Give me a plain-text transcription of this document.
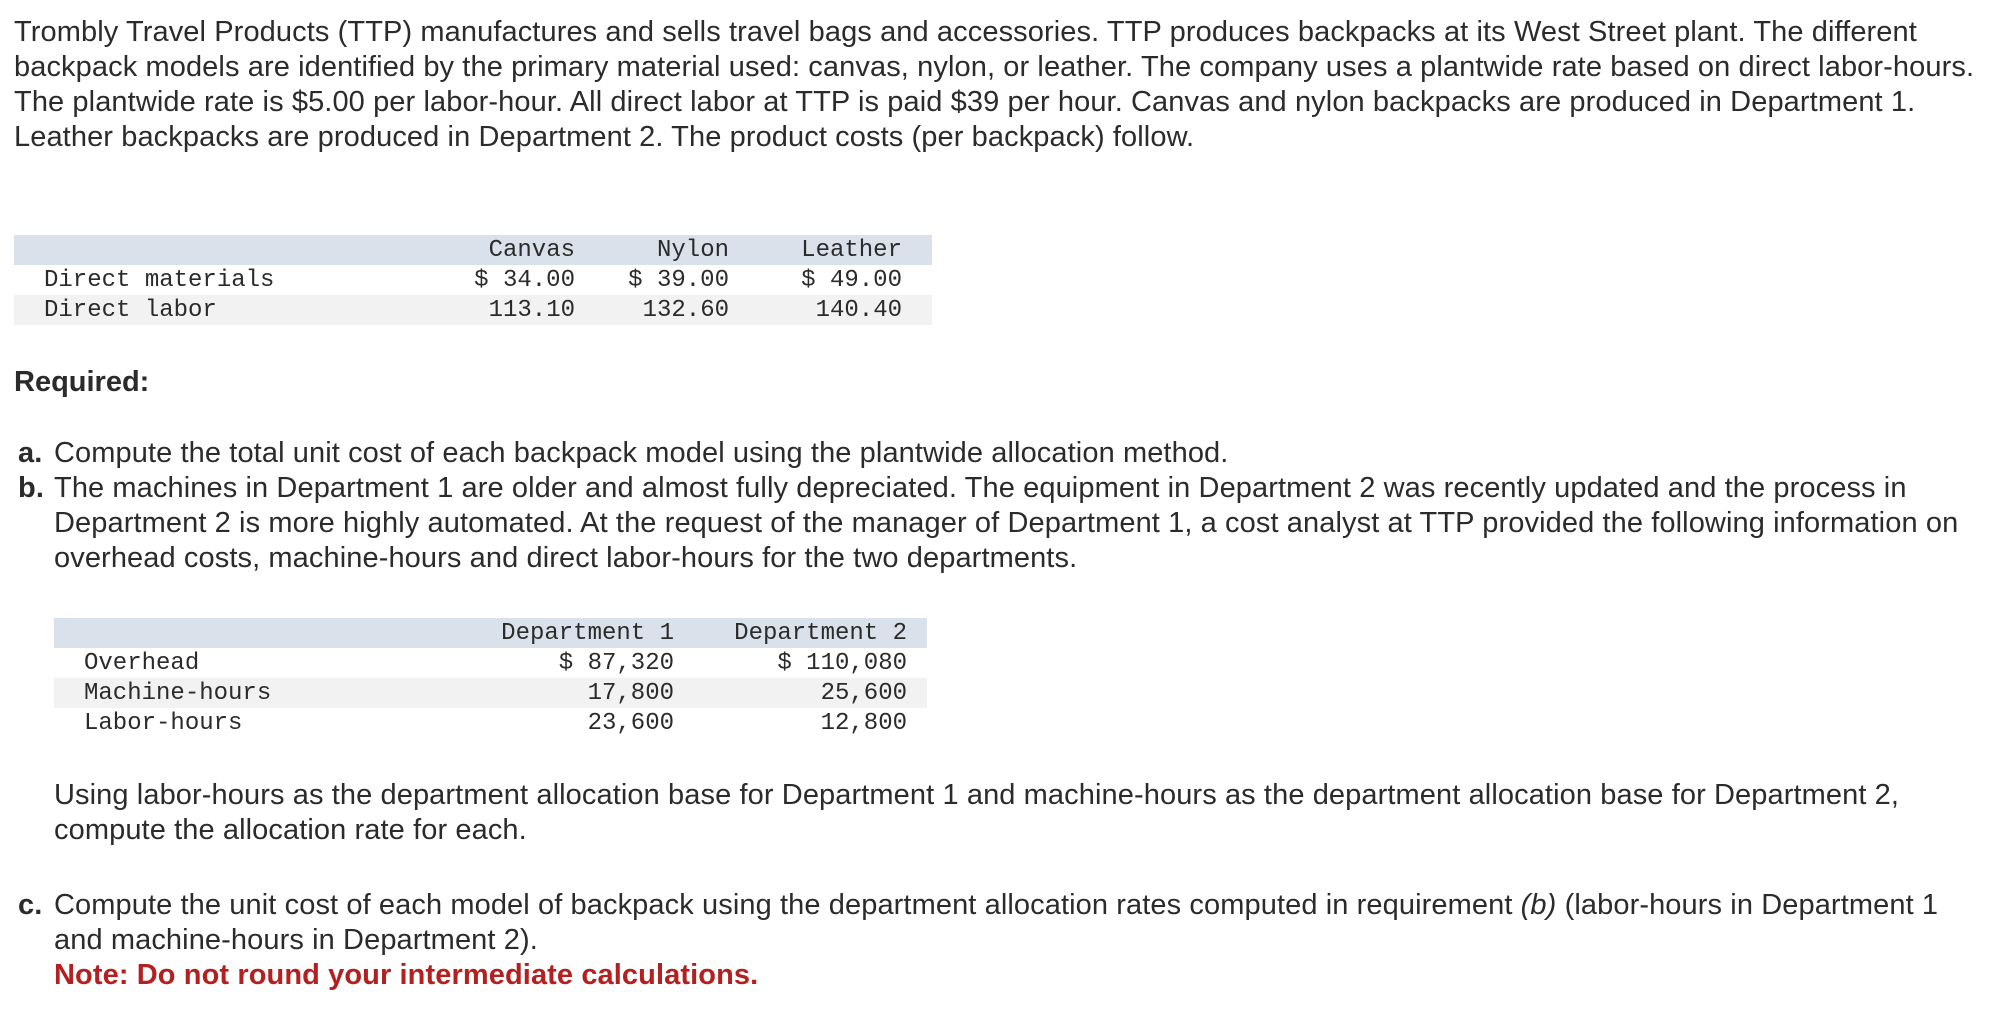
Trombly Travel Products (TTP) manufactures and sells travel bags and accessories. TTP produces backpacks at its West Street plant. The different backpack models are identified by the primary material used: canvas, nylon, or leather. The company uses a plantwide rate based on direct labor-hours. The plantwide rate is $5.00 per labor-hour. All direct labor at TTP is paid $39 per hour. Canvas and nylon backpacks are produced in Department 1. Leather backpacks are produced in Department 2. The product costs (per backpack) follow.

	Canvas	Nylon	Leather
Direct materials	$ 34.00	$ 39.00	$ 49.00
Direct labor	113.10	132.60	140.40
Required:
a. Compute the total unit cost of each backpack model using the plantwide allocation method.
b. The machines in Department 1 are older and almost fully depreciated. The equipment in Department 2 was recently updated and the process in Department 2 is more highly automated. At the request of the manager of Department 1, a cost analyst at TTP provided the following information on overhead costs, machine-hours and direct labor-hours for the two departments.
	Department 1	Department 2
Overhead	$ 87,320	$ 110,080
Machine-hours	17,800	25,600
Labor-hours	23,600	12,800

Using labor-hours as the department allocation base for Department 1 and machine-hours as the department allocation base for Department 2, compute the allocation rate for each.

c. Compute the unit cost of each model of backpack using the department allocation rates computed in requirement (b) (labor-hours in Department 1 and machine-hours in Department 2).
Note: Do not round your intermediate calculations.
